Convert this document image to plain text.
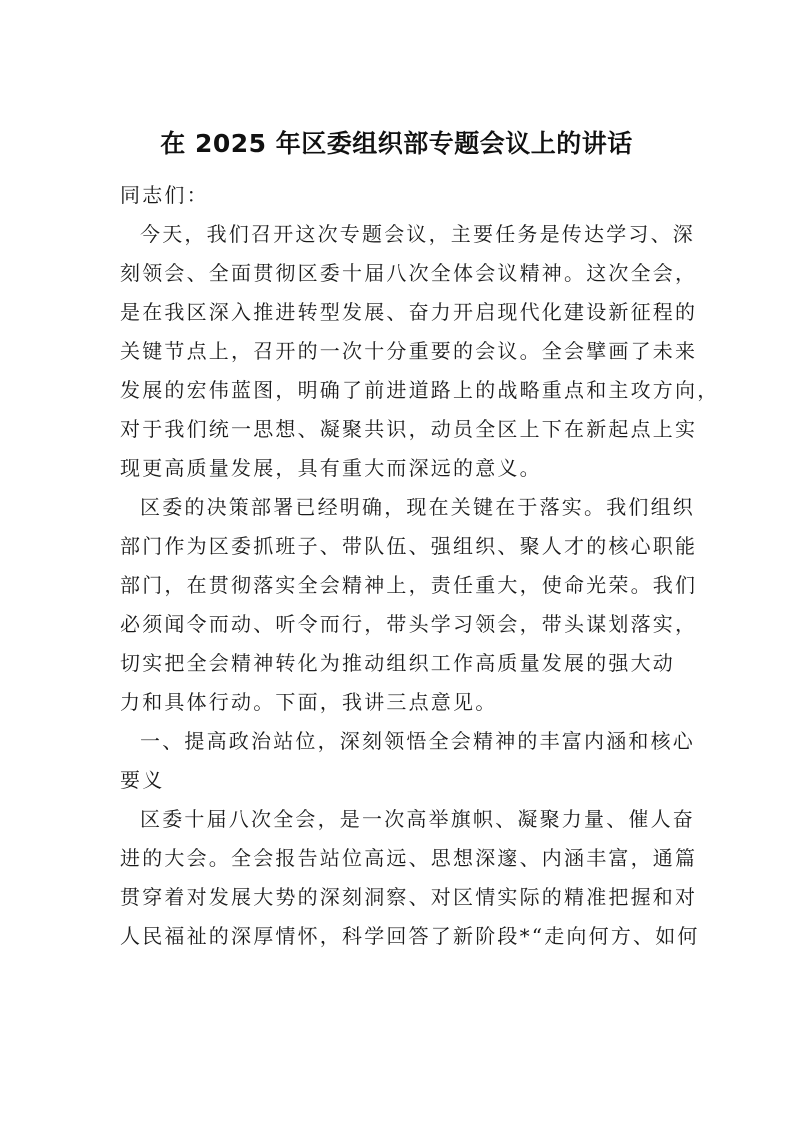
在 2025 年区委组织部专题会议上的讲话

同志们：

今天，我们召开这次专题会议，主要任务是传达学习、深
刻领会、全面贯彻区委十届八次全体会议精神。这次全会，
是在我区深入推进转型发展、奋力开启现代化建设新征程的
关键节点上，召开的一次十分重要的会议。全会擘画了未来
发展的宏伟蓝图，明确了前进道路上的战略重点和主攻方向，
对于我们统一思想、凝聚共识，动员全区上下在新起点上实
现更高质量发展，具有重大而深远的意义。

区委的决策部署已经明确，现在关键在于落实。我们组织
部门作为区委抓班子、带队伍、强组织、聚人才的核心职能
部门，在贯彻落实全会精神上，责任重大，使命光荣。我们
必须闻令而动、听令而行，带头学习领会，带头谋划落实，
切实把全会精神转化为推动组织工作高质量发展的强大动
力和具体行动。下面，我讲三点意见。

一、提高政治站位，深刻领悟全会精神的丰富内涵和核心
要义

区委十届八次全会，是一次高举旗帜、凝聚力量、催人奋
进的大会。全会报告站位高远、思想深邃、内涵丰富，通篇
贯穿着对发展大势的深刻洞察、对区情实际的精准把握和对
人民福祉的深厚情怀，科学回答了新阶段*“走向何方、如何
